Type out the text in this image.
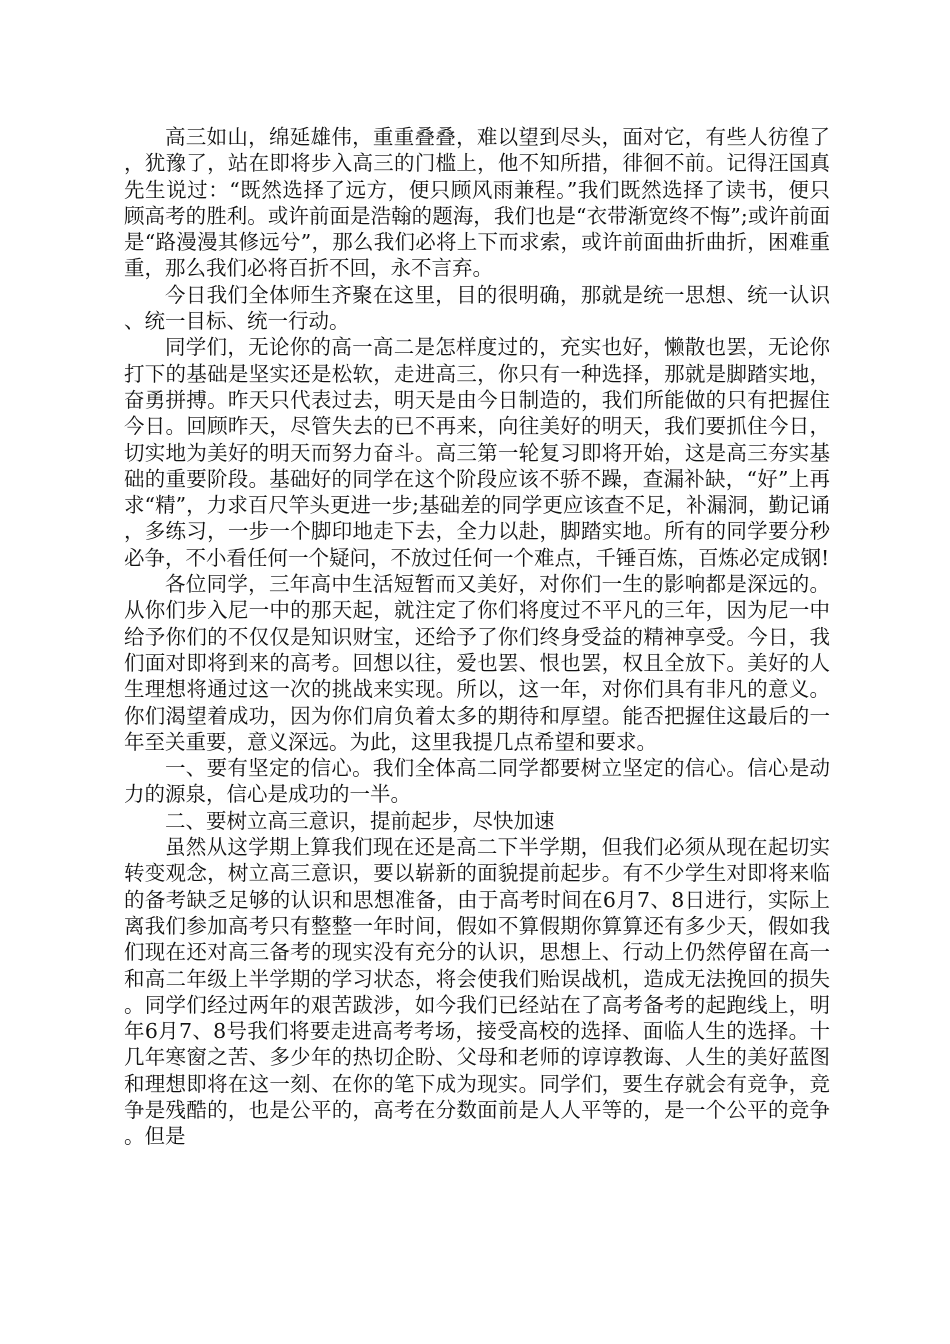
高三如山，绵延雄伟，重重叠叠，难以望到尽头，面对它，有些人彷徨了，犹豫了，站在即将步入高三的门槛上，他不知所措，徘徊不前。记得汪国真先生说过：“既然选择了远方，便只顾风雨兼程。”我们既然选择了读书，便只顾高考的胜利。或许前面是浩翰的题海，我们也是“衣带渐宽终不悔”;或许前面是“路漫漫其修远兮”，那么我们必将上下而求索，或许前面曲折曲折，困难重重，那么我们必将百折不回，永不言弃。

今日我们全体师生齐聚在这里，目的很明确，那就是统一思想、统一认识、统一目标、统一行动。

同学们，无论你的高一高二是怎样度过的，充实也好，懒散也罢，无论你打下的基础是坚实还是松软，走进高三，你只有一种选择，那就是脚踏实地，奋勇拼搏。昨天只代表过去，明天是由今日制造的，我们所能做的只有把握住今日。回顾昨天，尽管失去的已不再来，向往美好的明天，我们要抓住今日，切实地为美好的明天而努力奋斗。高三第一轮复习即将开始，这是高三夯实基础的重要阶段。基础好的同学在这个阶段应该不骄不躁，查漏补缺，“好”上再求“精”，力求百尺竿头更进一步;基础差的同学更应该查不足，补漏洞，勤记诵，多练习，一步一个脚印地走下去，全力以赴，脚踏实地。所有的同学要分秒必争，不小看任何一个疑问，不放过任何一个难点，千锤百炼，百炼必定成钢!

各位同学，三年高中生活短暂而又美好，对你们一生的影响都是深远的。从你们步入尼一中的那天起，就注定了你们将度过不平凡的三年，因为尼一中给予你们的不仅仅是知识财宝，还给予了你们终身受益的精神享受。今日，我们面对即将到来的高考。回想以往，爱也罢、恨也罢，权且全放下。美好的人生理想将通过这一次的挑战来实现。所以，这一年，对你们具有非凡的意义。你们渴望着成功，因为你们肩负着太多的期待和厚望。能否把握住这最后的一年至关重要，意义深远。为此，这里我提几点希望和要求。

一、要有坚定的信心。我们全体高二同学都要树立坚定的信心。信心是动力的源泉，信心是成功的一半。

二、要树立高三意识，提前起步，尽快加速

虽然从这学期上算我们现在还是高二下半学期，但我们必须从现在起切实转变观念，树立高三意识，要以崭新的面貌提前起步。有不少学生对即将来临的备考缺乏足够的认识和思想准备，由于高考时间在6月7、8日进行，实际上离我们参加高考只有整整一年时间，假如不算假期你算算还有多少天，假如我们现在还对高三备考的现实没有充分的认识，思想上、行动上仍然停留在高一和高二年级上半学期的学习状态，将会使我们贻误战机，造成无法挽回的损失。同学们经过两年的艰苦跋涉，如今我们已经站在了高考备考的起跑线上，明年6月7、8号我们将要走进高考考场，接受高校的选择、面临人生的选择。十几年寒窗之苦、多少年的热切企盼、父母和老师的谆谆教诲、人生的美好蓝图和理想即将在这一刻、在你的笔下成为现实。同学们，要生存就会有竞争，竞争是残酷的，也是公平的，高考在分数面前是人人平等的，是一个公平的竞争。但是
